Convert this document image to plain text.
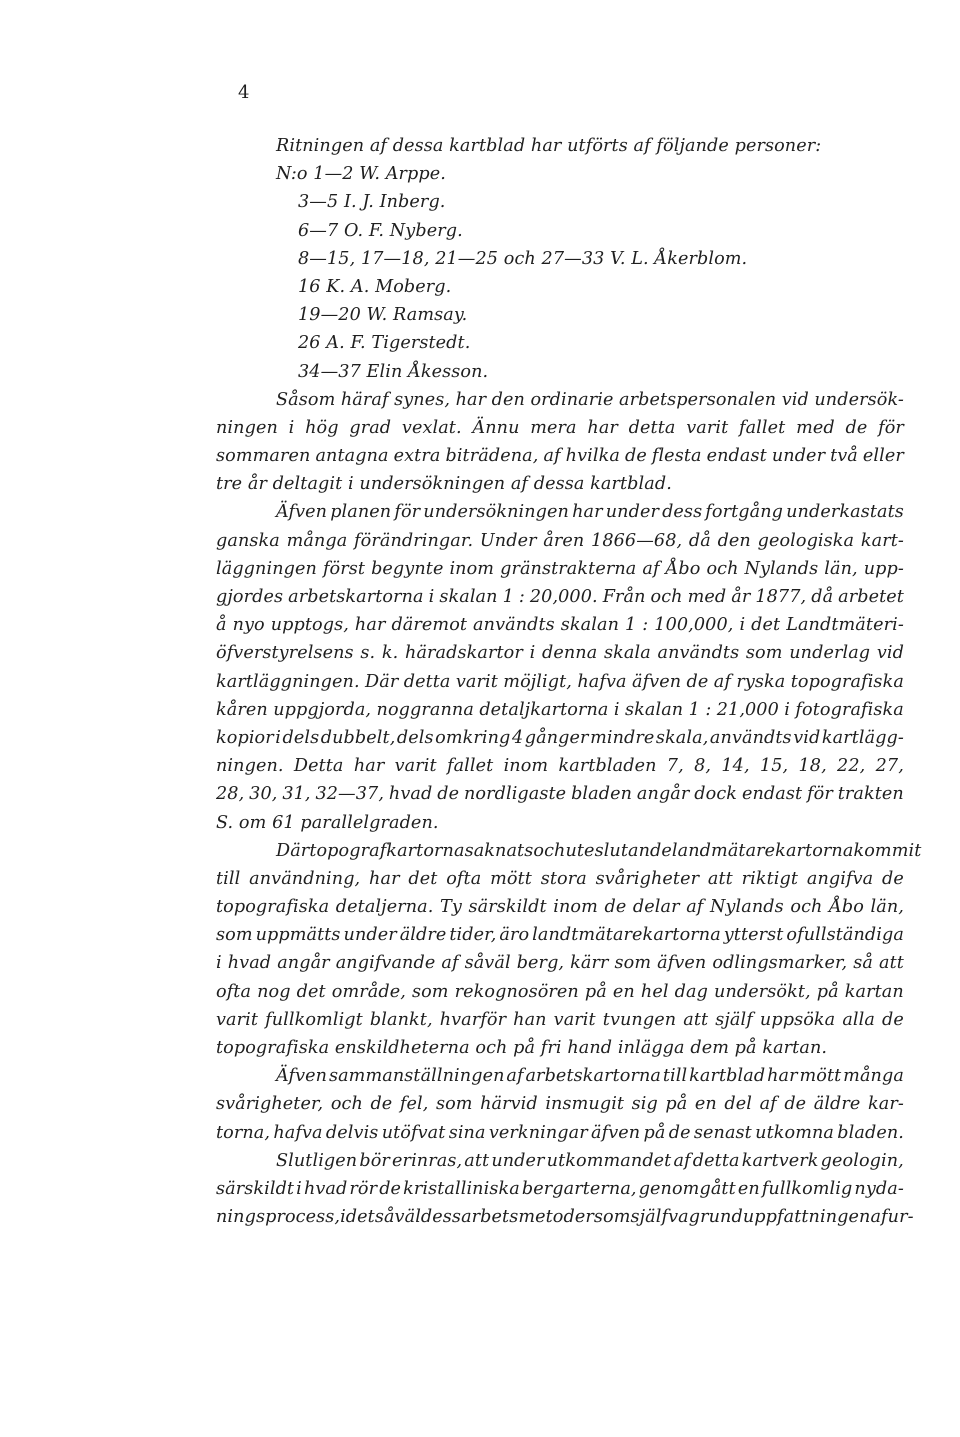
4
Ritningen af dessa kartblad har utförts af följande personer:
N:o 1—2 W. Arppe.
3—5 I. J. Inberg.
6—7 O. F. Nyberg.
8—15, 17—18, 21—25 och 27—33 V. L. Åkerblom.
16 K. A. Moberg.
19—20 W. Ramsay.
26 A. F. Tigerstedt.
34—37 Elin Åkesson.
Såsom häraf synes, har den ordinarie arbetspersonalen vid undersök-
ningen i hög grad vexlat. Ännu mera har detta varit fallet med de för
sommaren antagna extra biträdena, af hvilka de flesta endast under två eller
tre år deltagit i undersökningen af dessa kartblad.
Äfven planen för undersökningen har under dess fortgång underkastats
ganska många förändringar. Under åren 1866—68, då den geologiska kart-
läggningen först begynte inom gränstrakterna af Åbo och Nylands län, upp-
gjordes arbetskartorna i skalan 1 : 20,000. Från och med år 1877, då arbetet
å nyo upptogs, har däremot användts skalan 1 : 100,000, i det Landtmäteri-
öfverstyrelsens s. k. häradskartor i denna skala användts som underlag vid
kartläggningen. Där detta varit möjligt, hafva äfven de af ryska topografiska
kåren uppgjorda, noggranna detaljkartorna i skalan 1 : 21,000 i fotografiska
kopior i dels dubbelt, dels omkring 4 gånger mindre skala, användts vid kartlägg-
ningen. Detta har varit fallet inom kartbladen 7, 8, 14, 15, 18, 22, 27,
28, 30, 31, 32—37, hvad de nordligaste bladen angår dock endast för trakten
S. om 61 parallelgraden.
Där topografkartorna saknats och uteslutande landmätarekartorna kommit
till användning, har det ofta mött stora svårigheter att riktigt angifva de
topografiska detaljerna. Ty särskildt inom de delar af Nylands och Åbo län,
som uppmätts under äldre tider, äro landtmätarekartorna ytterst ofullständiga
i hvad angår angifvande af såväl berg, kärr som äfven odlingsmarker, så att
ofta nog det område, som rekognosören på en hel dag undersökt, på kartan
varit fullkomligt blankt, hvarför han varit tvungen att själf uppsöka alla de
topografiska enskildheterna och på fri hand inlägga dem på kartan.
Äfven sammanställningen af arbetskartorna till kartblad har mött många
svårigheter, och de fel, som härvid insmugit sig på en del af de äldre kar-
torna, hafva delvis utöfvat sina verkningar äfven på de senast utkomna bladen.
Slutligen bör erinras, att under utkommandet af detta kartverk geologin,
särskildt i hvad rör de kristalliniska bergarterna, genomgått en fullkomlig nyda-
ningsprocess, i det såväl dess arbetsmetoder som själfva grunduppfattningen af ur-
